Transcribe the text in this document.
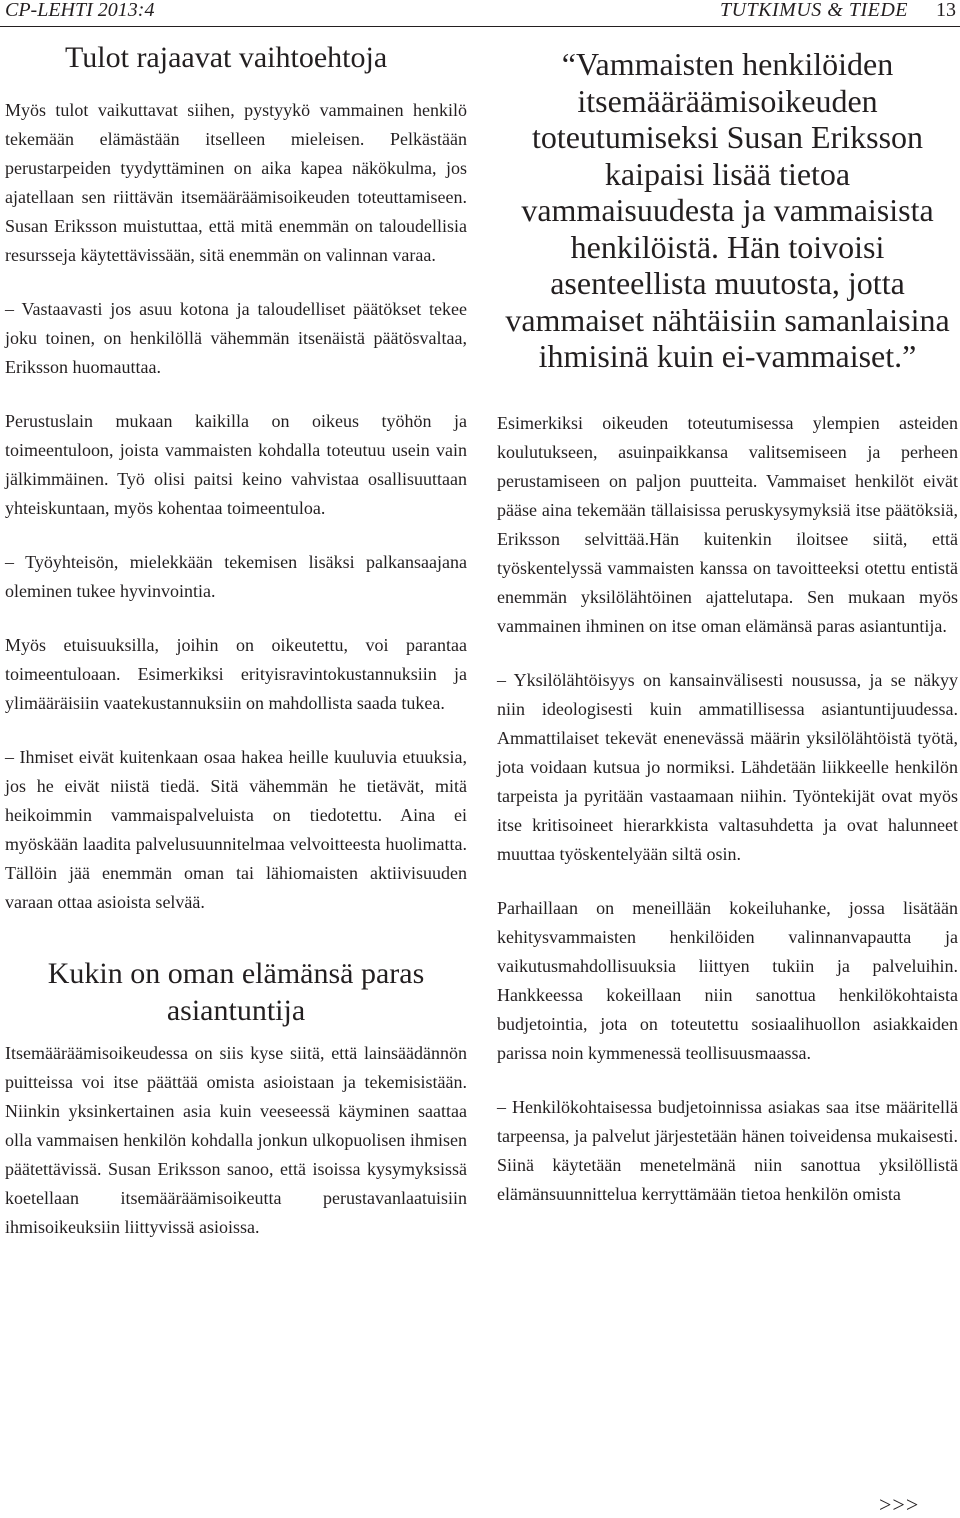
CP-LEHTI 2013:4	TUTKIMUS & TIEDE 13
Tulot rajaavat vaihtoehtoja

Myös tulot vaikuttavat siihen, pystyykö vammainen henkilö tekemään elämästään itselleen mieleisen. Pelkästään perustarpeiden tyydyttäminen on aika kapea näkökulma, jos ajatellaan sen riittävän itsemääräämisoikeuden toteuttamiseen. Susan Eriksson muistuttaa, että mitä enemmän on taloudellisia resursseja käytettävissään, sitä enemmän on valinnan varaa.

– Vastaavasti jos asuu kotona ja taloudelliset päätökset tekee joku toinen, on henkilöllä vähemmän itsenäistä päätösvaltaa, Eriksson huomauttaa.

Perustuslain mukaan kaikilla on oikeus työhön ja toimeentuloon, joista vammaisten kohdalla toteutuu usein vain jälkimmäinen. Työ olisi paitsi keino vahvistaa osallisuuttaan yhteiskuntaan, myös kohentaa toimeentuloa.

– Työyhteisön, mielekkään tekemisen lisäksi palkansaajana oleminen tukee hyvinvointia.

Myös etuisuuksilla, joihin on oikeutettu, voi parantaa toimeentuloaan. Esimerkiksi erityisravintokustannuksiin ja ylimääräisiin vaatekustannuksiin on mahdollista saada tukea.

– Ihmiset eivät kuitenkaan osaa hakea heille kuuluvia etuuksia, jos he eivät niistä tiedä. Sitä vähemmän he tietävät, mitä heikoimmin vammaispalveluista on tiedotettu. Aina ei myöskään laadita palvelusuunnitelmaa velvoitteesta huolimatta. Tällöin jää enemmän oman tai lähiomaisten aktiivisuuden varaan ottaa asioista selvää.

Kukin on oman elämänsä paras asiantuntija

Itsemääräämisoikeudessa on siis kyse siitä, että lainsäädännön puitteissa voi itse päättää omista asioistaan ja tekemisistään. Niinkin yksinkertainen asia kuin veeseessä käyminen saattaa olla vammaisen henkilön kohdalla jonkun ulkopuolisen ihmisen päätettävissä. Susan Eriksson sanoo, että isoissa kysymyksissä koetellaan itsemääräämisoikeutta perustavanlaatuisiin ihmisoikeuksiin liittyvissä asioissa.

“Vammaisten henkilöiden itsemääräämisoikeuden toteutumiseksi Susan Eriksson kaipaisi lisää tietoa vammaisuudesta ja vammaisista henkilöistä. Hän toivoisi asenteellista muutosta, jotta vammaiset nähtäisiin samanlaisina ihmisinä kuin ei-vammaiset.”

Esimerkiksi oikeuden toteutumisessa ylempien asteiden koulutukseen, asuinpaikkansa valitsemiseen ja perheen perustamiseen on paljon puutteita. Vammaiset henkilöt eivät pääse aina tekemään tällaisissa peruskysymyksiä itse päätöksiä, Eriksson selvittää.Hän kuitenkin iloitsee siitä, että työskentelyssä vammaisten kanssa on tavoitteeksi otettu entistä enemmän yksilölähtöinen ajattelutapa. Sen mukaan myös vammainen ihminen on itse oman elämänsä paras asiantuntija.

– Yksilölähtöisyys on kansainvälisesti nousussa, ja se näkyy niin ideologisesti kuin ammatillisessa asiantuntijuudessa. Ammattilaiset tekevät enenevässä määrin yksilölähtöistä työtä, jota voidaan kutsua jo normiksi. Lähdetään liikkeelle henkilön tarpeista ja pyritään vastaamaan niihin. Työntekijät ovat myös itse kritisoineet hierarkkista valtasuhdetta ja ovat halunneet muuttaa työskentelyään siltä osin.

Parhaillaan on meneillään kokeiluhanke, jossa lisätään kehitysvammaisten henkilöiden valinnanvapautta ja vaikutusmahdollisuuksia liittyen tukiin ja palveluihin. Hankkeessa kokeillaan niin sanottua henkilökohtaista budjetointia, jota on toteutettu sosiaalihuollon asiakkaiden parissa noin kymmenessä teollisuusmaassa.

– Henkilökohtaisessa budjetoinnissa asiakas saa itse määritellä tarpeensa, ja palvelut järjestetään hänen toiveidensa mukaisesti. Siinä käytetään menetelmänä niin sanottua yksilöllistä elämänsuunnittelua kerryttämään tietoa henkilön omista

>>>
